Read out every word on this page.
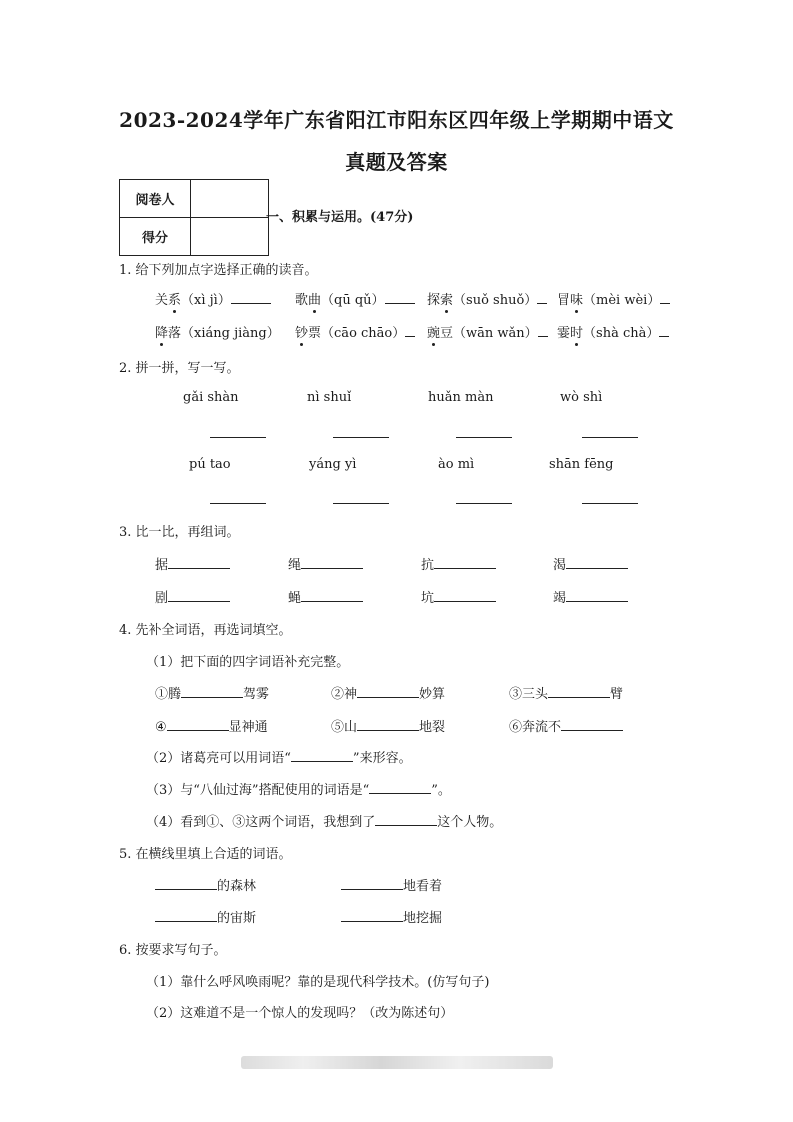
2023-2024学年广东省阳江市阳东区四年级上学期期中语文
真题及答案
阅卷人	
得分	
一、积累与运用。(47分)
1. 给下列加点字选择正确的读音。
关系（xì jì）	歌曲（qū qǔ）	探索（suǒ shuǒ）	冒味（mèi wèi）
降落（xiáng jiàng） 钞票（cāo chāo）	豌豆（wān wǎn）	霎时（shà chà）
2. 拼一拼，写一写。
gǎi shàn	nì shuǐ	huǎn màn	wò shì
pú tao	yáng yì	ào mì	shān fēng
3. 比一比，再组词。
据	绳	抗	渴
剧	蝇	坑	竭
4. 先补全词语，再选词填空。
（1）把下面的四字词语补充完整。
①腾	驾雾	②神	妙算	③三头	臂
④	显神通	⑤山	地裂	⑥奔流不
（2）诸葛亮可以用词语“	”来形容。
（3）与“八仙过海”搭配使用的词语是“	”。
（4）看到①、③这两个词语，我想到了	这个人物。
5. 在横线里填上合适的词语。
的森林	地看着
的宙斯	地挖掘
6. 按要求写句子。
（1）靠什么呼风唤雨呢？靠的是现代科学技术。(仿写句子)
（2）这难道不是一个惊人的发现吗？（改为陈述句）
